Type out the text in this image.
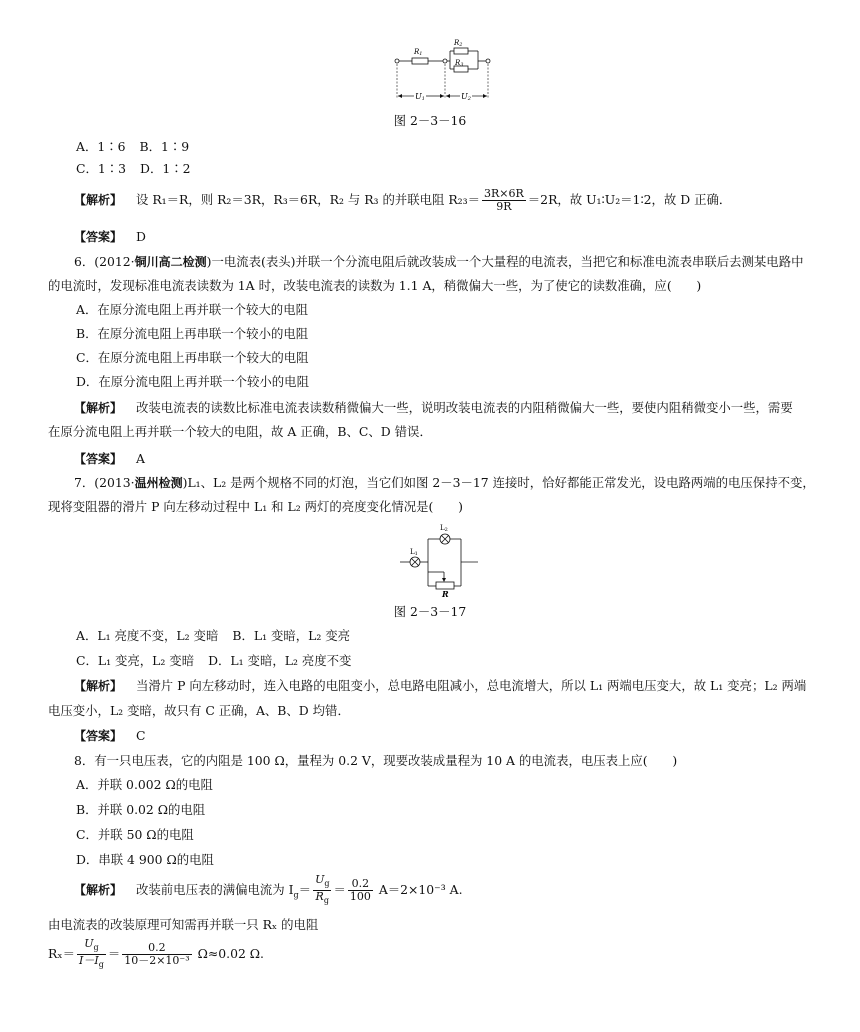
R1
R2
R3
U1	U2
图 2－3－16
A．1∶6 B．1∶9
C．1∶3 D．1∶2
【解析】 设 R₁＝R，则 R₂＝3R，R₃＝6R，R₂ 与 R₃ 的并联电阻 $R_{23}= \frac{3R\times 6R}{9R} =2R$，故 U₁∶U₂＝1∶2，故 D 正确．
【答案】 D
6．(2012·铜川高二检测)一电流表(表头)并联一个分流电阻后就改装成一个大量程的电流表，当把它和标准电流表串联后去测某电路中
的电流时，发现标准电流表读数为 1A 时，改装电流表的读数为 1.1 A，稍微偏大一些，为了使它的读数准确，应(　　)
A．在原分流电阻上再并联一个较大的电阻
B．在原分流电阻上再串联一个较小的电阻
C．在原分流电阻上再串联一个较大的电阻
D．在原分流电阻上再并联一个较小的电阻
【解析】 改装电流表的读数比标准电流表读数稍微偏大一些，说明改装电流表的内阻稍微偏大一些，要使内阻稍微变小一些，需要
在原分流电阻上再并联一个较大的电阻，故 A 正确，B、C、D 错误．
【答案】 A
7．(2013·温州检测)L₁、L₂ 是两个规格不同的灯泡，当它们如图 2－3－17 连接时，恰好都能正常发光，设电路两端的电压保持不变，
现将变阻器的滑片 P 向左移动过程中 L₁ 和 L₂ 两灯的亮度变化情况是(　　)
L2
L1
R
图 2－3－17
A．L₁ 亮度不变，L₂ 变暗 B．L₁ 变暗，L₂ 变亮
C．L₁ 变亮，L₂ 变暗 D．L₁ 变暗，L₂ 亮度不变
【解析】 当滑片 P 向左移动时，连入电路的电阻变小，总电路电阻减小，总电流增大，所以 L₁ 两端电压变大，故 L₁ 变亮；L₂ 两端
电压变小，L₂ 变暗，故只有 C 正确，A、B、D 均错．
【答案】 C
8．有一只电压表，它的内阻是 100 Ω，量程为 0.2 V，现要改装成量程为 10 A 的电流表，电压表上应(　　)
A．并联 0.002 Ω的电阻
B．并联 0.02 Ω的电阻
C．并联 50 Ω的电阻
D．串联 4 900 Ω的电阻
【解析】 改装前电压表的满偏电流为 $I_g= \frac{U_g}{R_g} = \frac{0.2}{100} A=2\times 10^{-3}$ A.
由电流表的改装原理可知需再并联一只 Rₓ 的电阻
$R_x= \frac{U_g}{I-I_g} = \frac{0.2}{\text{10－2×10⁻³}} \Omega\approx 0.02$ Ω.
